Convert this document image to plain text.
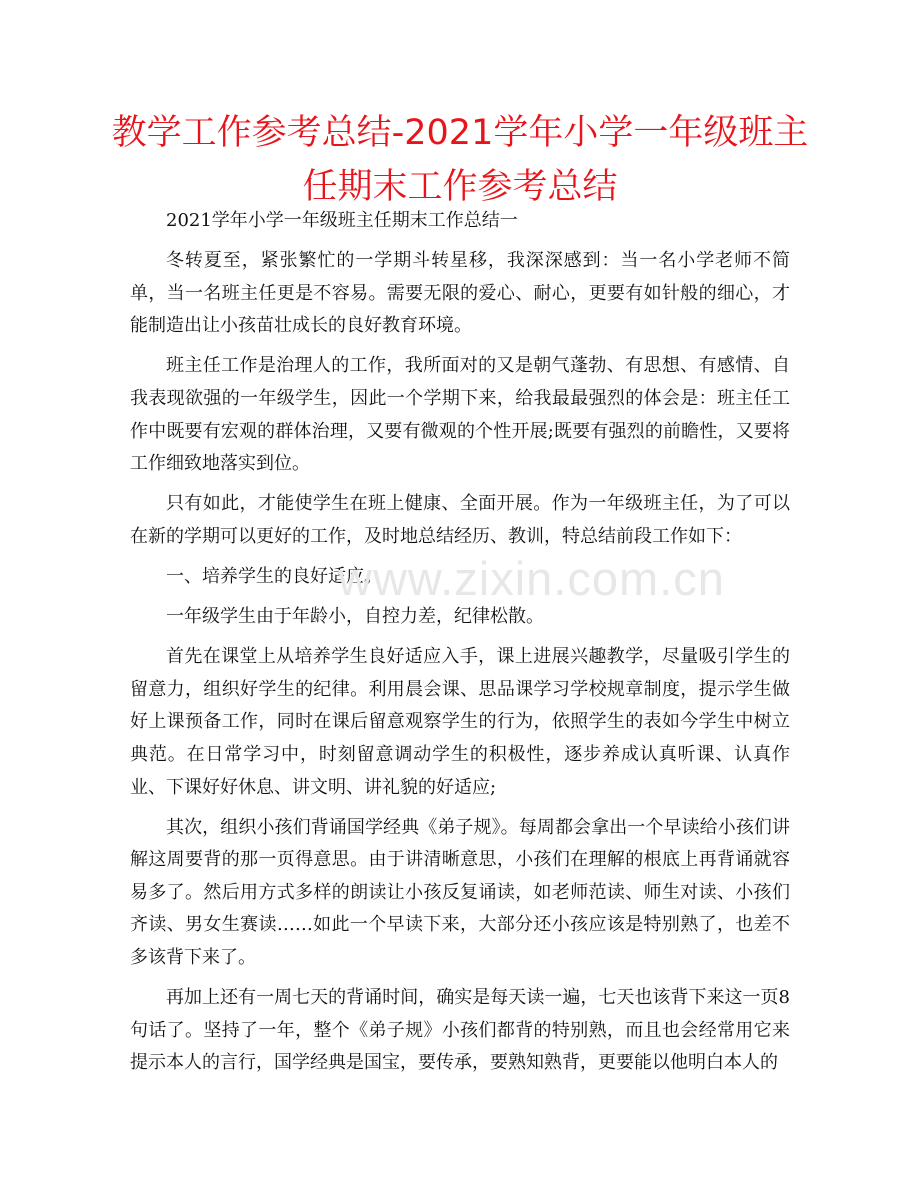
教学工作参考总结-2021学年小学一年级班主任期末工作参考总结

2021学年小学一年级班主任期末工作总结一

冬转夏至，紧张繁忙的一学期斗转星移，我深深感到：当一名小学老师不简单，当一名班主任更是不容易。需要无限的爱心、耐心，更要有如针般的细心，才能制造出让小孩苗壮成长的良好教育环境。

班主任工作是治理人的工作，我所面对的又是朝气蓬勃、有思想、有感情、自我表现欲强的一年级学生，因此一个学期下来，给我最最强烈的体会是：班主任工作中既要有宏观的群体治理，又要有微观的个性开展;既要有强烈的前瞻性，又要将工作细致地落实到位。

只有如此，才能使学生在班上健康、全面开展。作为一年级班主任，为了可以在新的学期可以更好的工作，及时地总结经历、教训，特总结前段工作如下：

一、培养学生的良好适应。

一年级学生由于年龄小，自控力差，纪律松散。

首先在课堂上从培养学生良好适应入手，课上进展兴趣教学，尽量吸引学生的留意力，组织好学生的纪律。利用晨会课、思品课学习学校规章制度，提示学生做好上课预备工作，同时在课后留意观察学生的行为，依照学生的表如今学生中树立典范。在日常学习中，时刻留意调动学生的积极性，逐步养成认真听课、认真作业、下课好好休息、讲文明、讲礼貌的好适应;

其次，组织小孩们背诵国学经典《弟子规》。每周都会拿出一个早读给小孩们讲解这周要背的那一页得意思。由于讲清晰意思，小孩们在理解的根底上再背诵就容易多了。然后用方式多样的朗读让小孩反复诵读，如老师范读、师生对读、小孩们齐读、男女生赛读……如此一个早读下来，大部分还小孩应该是特别熟了，也差不多该背下来了。

再加上还有一周七天的背诵时间，确实是每天读一遍，七天也该背下来这一页8句话了。坚持了一年，整个《弟子规》小孩们都背的特别熟，而且也会经常用它来提示本人的言行，国学经典是国宝，要传承，要熟知熟背，更要能以他明白本人的

www.zixin.com.cn
